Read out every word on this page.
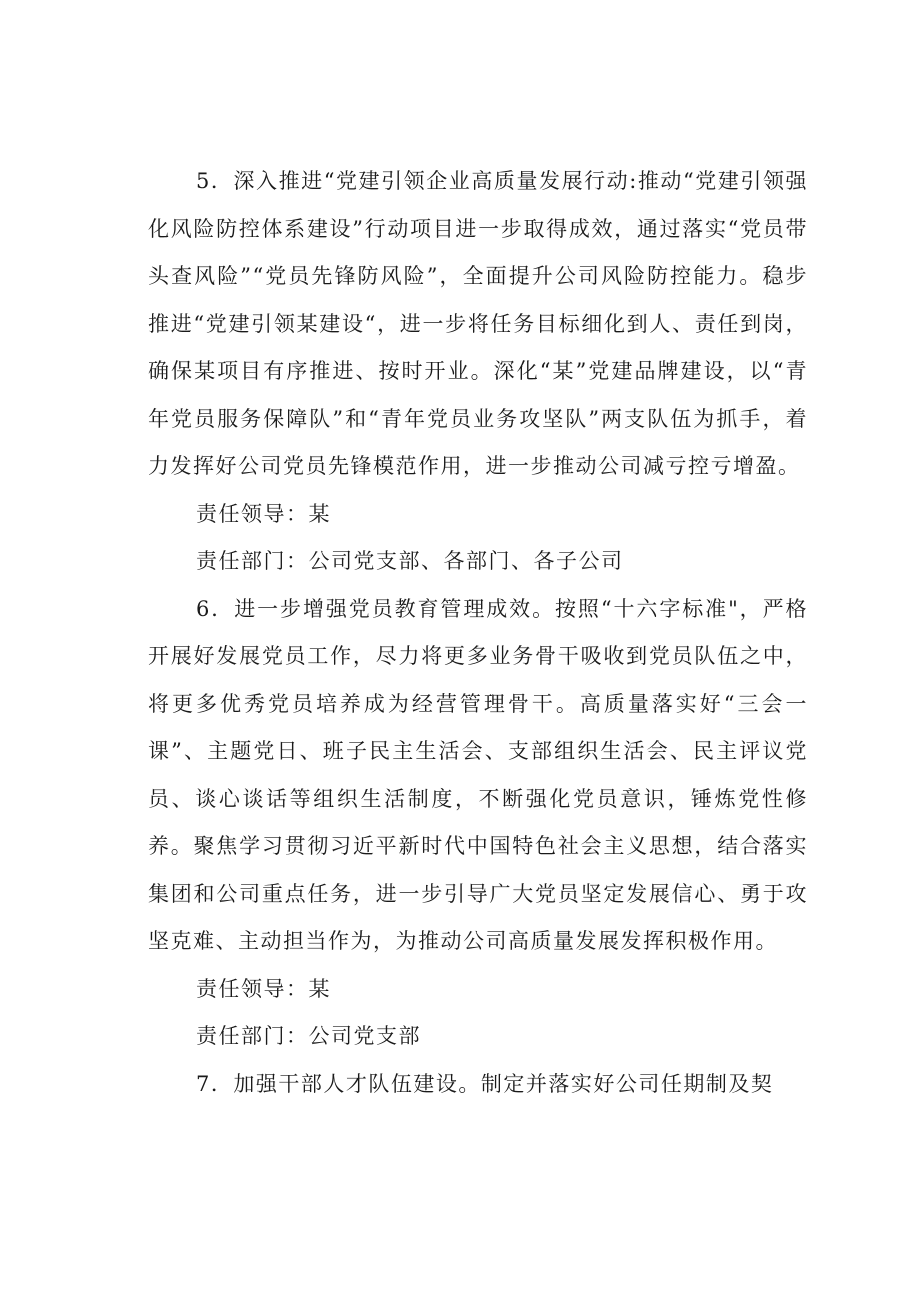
5．深入推进“党建引领企业高质量发展行动:推动“党建引领强化风险防控体系建设”行动项目进一步取得成效，通过落实“党员带头查风险”“党员先锋防风险”，全面提升公司风险防控能力。稳步推进“党建引领某建设“，进一步将任务目标细化到人、责任到岗，确保某项目有序推进、按时开业。深化“某”党建品牌建设，以“青年党员服务保障队”和“青年党员业务攻坚队”两支队伍为抓手，着力发挥好公司党员先锋模范作用，进一步推动公司减亏控亏增盈。

责任领导：某

责任部门：公司党支部、各部门、各子公司

6．进一步增强党员教育管理成效。按照“十六字标准"，严格开展好发展党员工作，尽力将更多业务骨干吸收到党员队伍之中，将更多优秀党员培养成为经营管理骨干。高质量落实好“三会一课”、主题党日、班子民主生活会、支部组织生活会、民主评议党员、谈心谈话等组织生活制度，不断强化党员意识，锤炼党性修养。聚焦学习贯彻习近平新时代中国特色社会主义思想，结合落实集团和公司重点任务，进一步引导广大党员坚定发展信心、勇于攻坚克难、主动担当作为，为推动公司高质量发展发挥积极作用。

责任领导：某

责任部门：公司党支部

7．加强干部人才队伍建设。制定并落实好公司任期制及契
